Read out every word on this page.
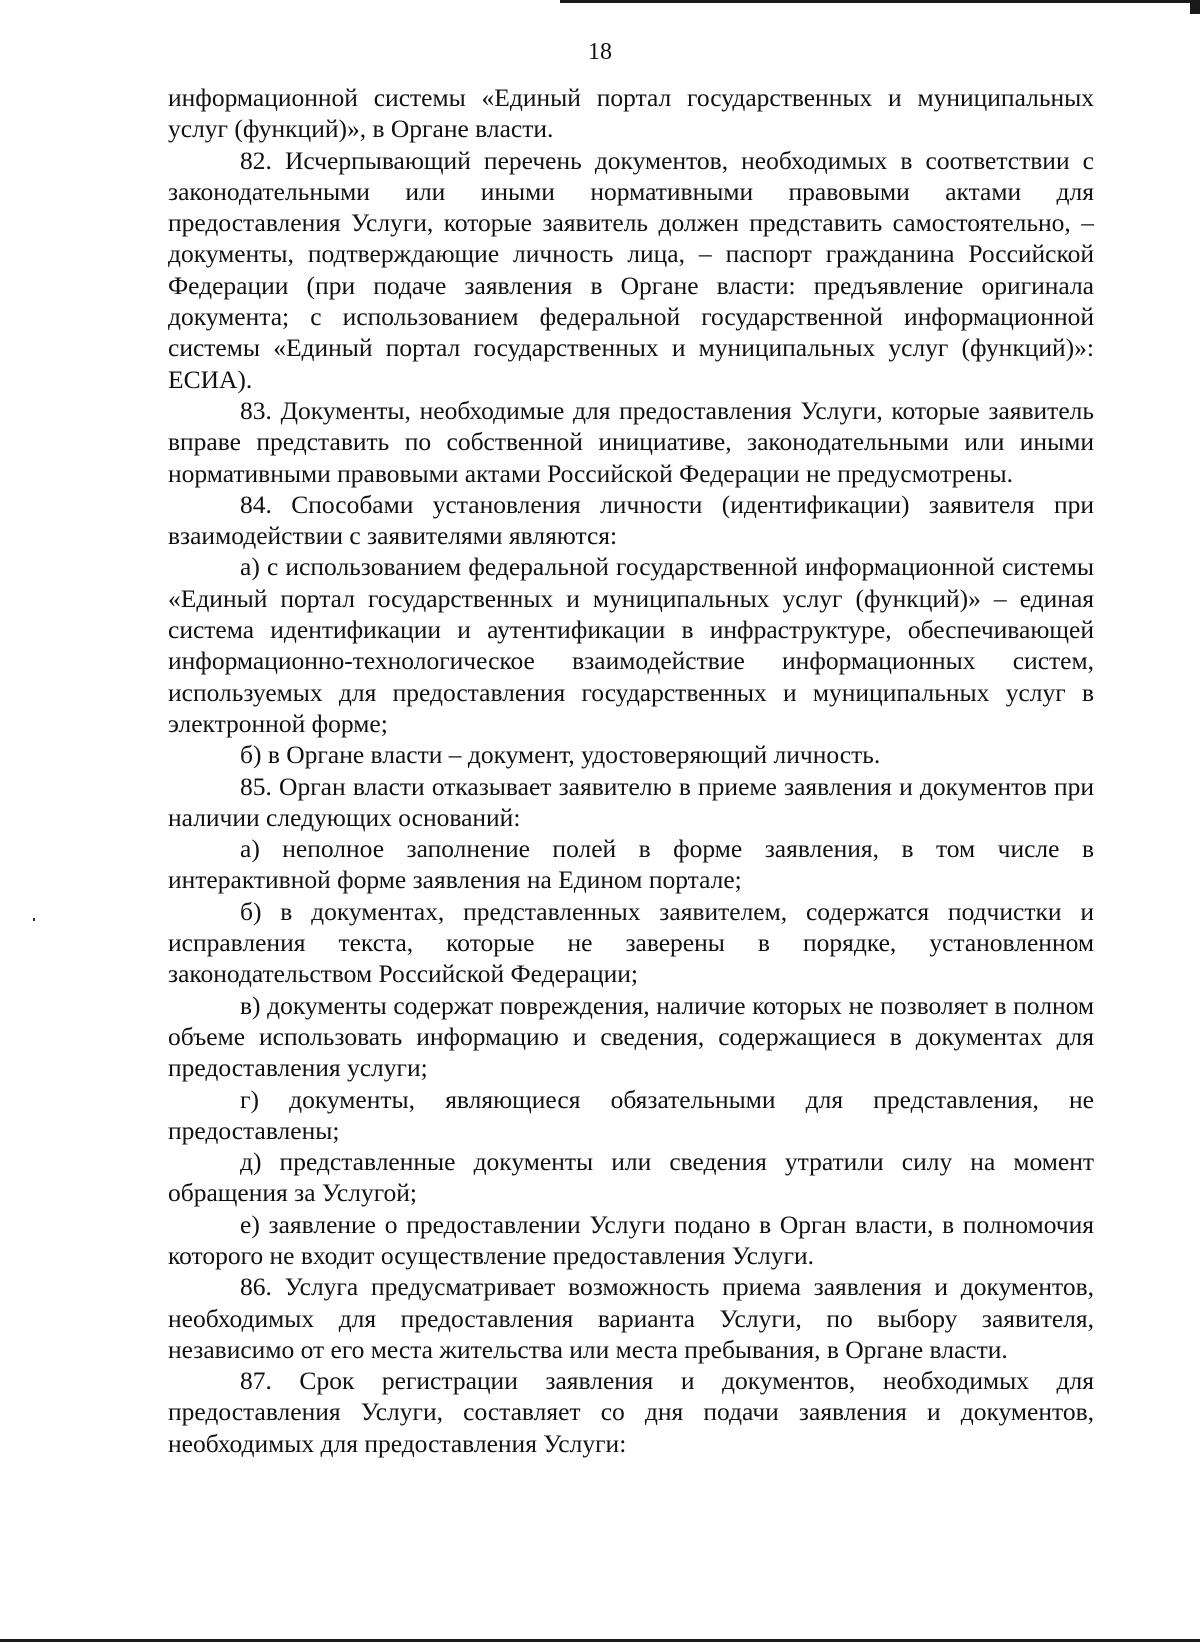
18

информационной системы «Единый портал государственных и муниципальных услуг (функций)», в Органе власти.

82. Исчерпывающий перечень документов, необходимых в соответствии с законодательными или иными нормативными правовыми актами для предоставления Услуги, которые заявитель должен представить самостоятельно, – документы, подтверждающие личность лица, – паспорт гражданина Российской Федерации (при подаче заявления в Органе власти: предъявление оригинала документа; с использованием федеральной государственной информационной системы «Единый портал государственных и муниципальных услуг (функций)»: ЕСИА).

83. Документы, необходимые для предоставления Услуги, которые заявитель вправе представить по собственной инициативе, законодательными или иными нормативными правовыми актами Российской Федерации не предусмотрены.

84. Способами установления личности (идентификации) заявителя при взаимодействии с заявителями являются:

а) с использованием федеральной государственной информационной системы «Единый портал государственных и муниципальных услуг (функций)» – единая система идентификации и аутентификации в инфраструктуре, обеспечивающей информационно-технологическое взаимодействие информационных систем, используемых для предоставления государственных и муниципальных услуг в электронной форме;

б) в Органе власти – документ, удостоверяющий личность.

85. Орган власти отказывает заявителю в приеме заявления и документов при наличии следующих оснований:

а) неполное заполнение полей в форме заявления, в том числе в интерактивной форме заявления на Едином портале;

б) в документах, представленных заявителем, содержатся подчистки и исправления текста, которые не заверены в порядке, установленном законодательством Российской Федерации;

в) документы содержат повреждения, наличие которых не позволяет в полном объеме использовать информацию и сведения, содержащиеся в документах для предоставления услуги;

г) документы, являющиеся обязательными для представления, не предоставлены;

д) представленные документы или сведения утратили силу на момент обращения за Услугой;

е) заявление о предоставлении Услуги подано в Орган власти, в полномочия которого не входит осуществление предоставления Услуги.

86. Услуга предусматривает возможность приема заявления и документов, необходимых для предоставления варианта Услуги, по выбору заявителя, независимо от его места жительства или места пребывания, в Органе власти.

87. Срок регистрации заявления и документов, необходимых для предоставления Услуги, составляет со дня подачи заявления и документов, необходимых для предоставления Услуги:
